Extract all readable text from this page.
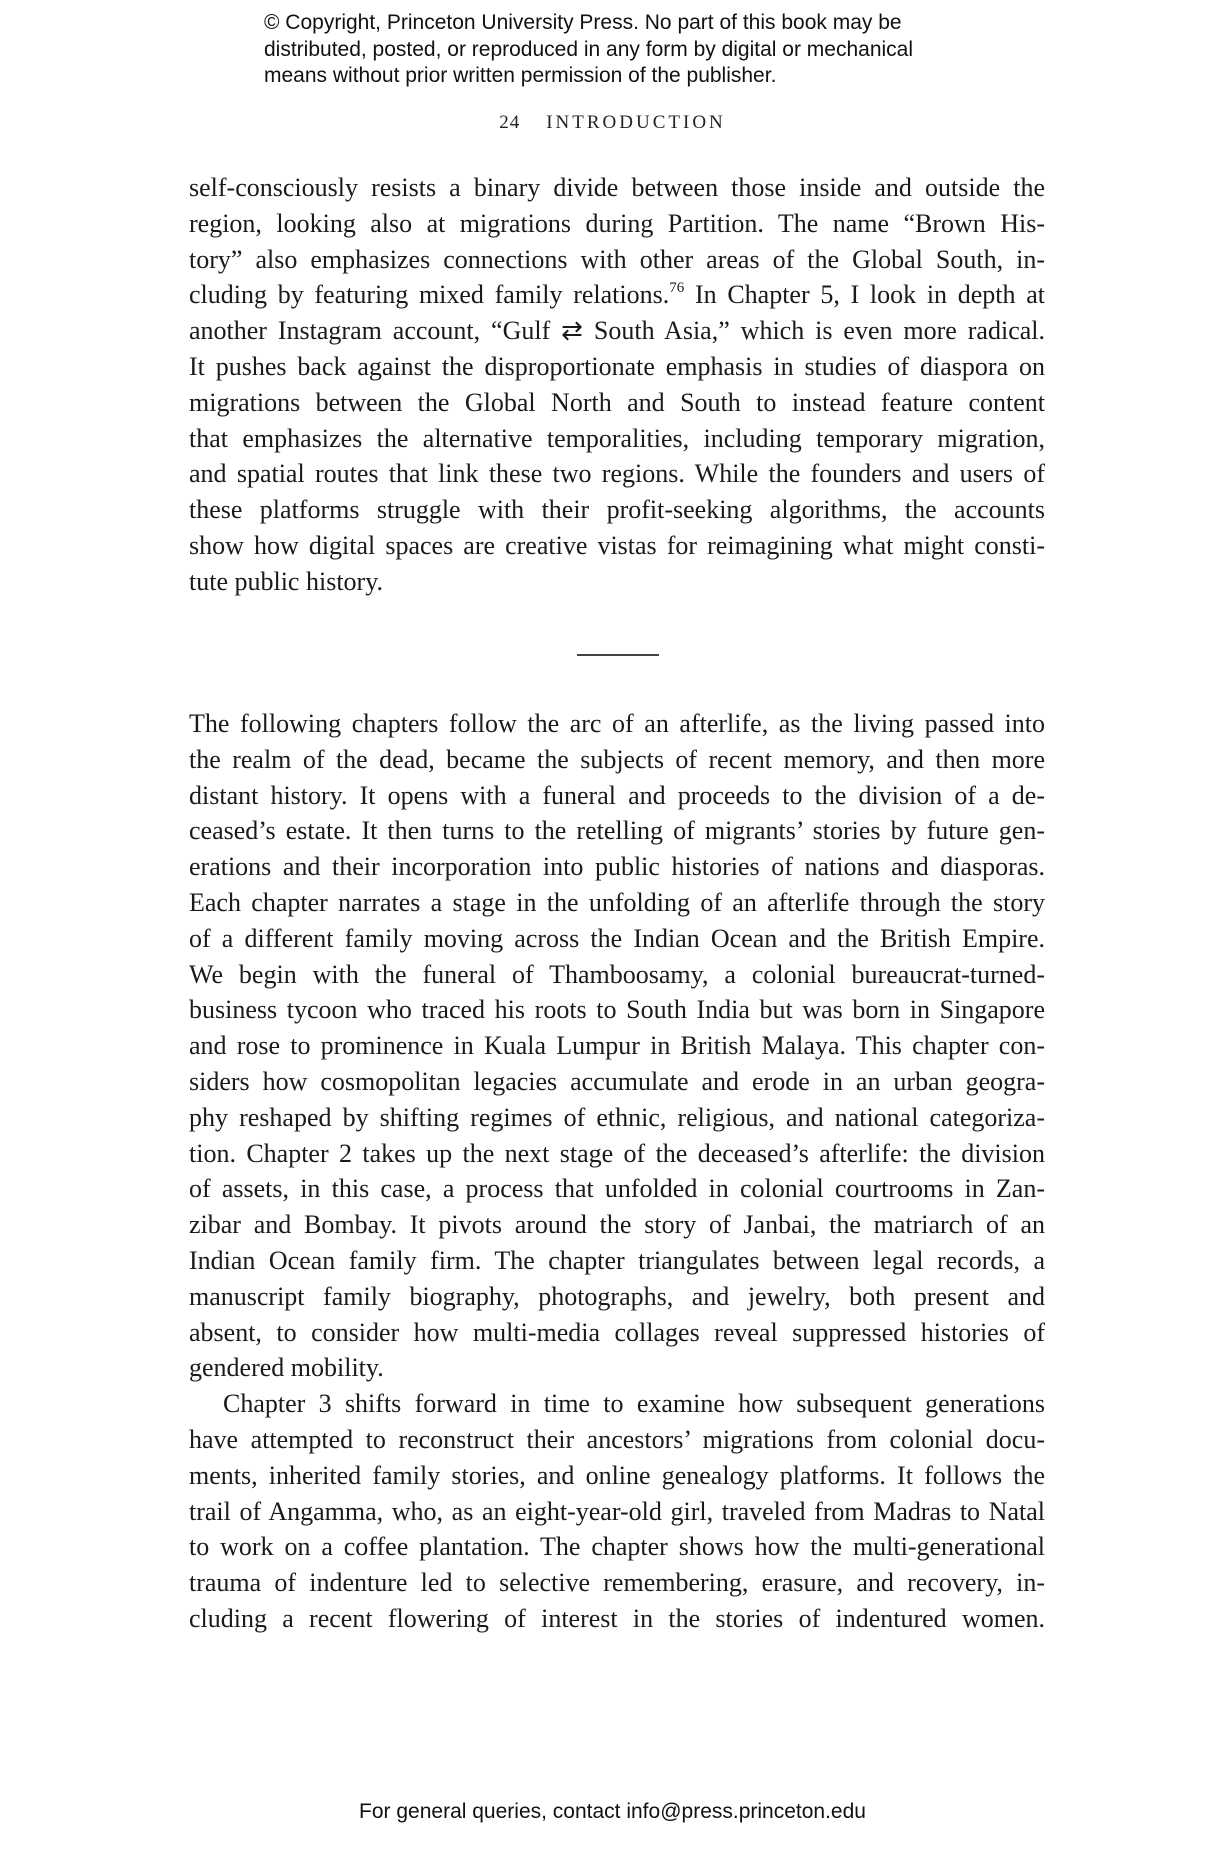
© Copyright, Princeton University Press. No part of this book may be
distributed, posted, or reproduced in any form by digital or mechanical
means without prior written permission of the publisher.
24 INTRODUCTION
self-consciously resists a binary divide between those inside and outside the
region, looking also at migrations during Partition. The name “Brown His-
tory” also emphasizes connections with other areas of the Global South, in-
cluding by featuring mixed family relations.$^{76}$ In Chapter 5, I look in depth at
another Instagram account, “Gulf ⇄ South Asia,” which is even more radical.
It pushes back against the disproportionate emphasis in studies of diaspora on
migrations between the Global North and South to instead feature content
that emphasizes the alternative temporalities, including temporary migration,
and spatial routes that link these two regions. While the founders and users of
these platforms struggle with their profit-seeking algorithms, the accounts
show how digital spaces are creative vistas for reimagining what might consti-
tute public history.
The following chapters follow the arc of an afterlife, as the living passed into
the realm of the dead, became the subjects of recent memory, and then more
distant history. It opens with a funeral and proceeds to the division of a de-
ceased’s estate. It then turns to the retelling of migrants’ stories by future gen-
erations and their incorporation into public histories of nations and diasporas.
Each chapter narrates a stage in the unfolding of an afterlife through the story
of a different family moving across the Indian Ocean and the British Empire.
We begin with the funeral of Thamboosamy, a colonial bureaucrat-turned-
business tycoon who traced his roots to South India but was born in Singapore
and rose to prominence in Kuala Lumpur in British Malaya. This chapter con-
siders how cosmopolitan legacies accumulate and erode in an urban geogra-
phy reshaped by shifting regimes of ethnic, religious, and national categoriza-
tion. Chapter 2 takes up the next stage of the deceased’s afterlife: the division
of assets, in this case, a process that unfolded in colonial courtrooms in Zan-
zibar and Bombay. It pivots around the story of Janbai, the matriarch of an
Indian Ocean family firm. The chapter triangulates between legal records, a
manuscript family biography, photographs, and jewelry, both present and
absent, to consider how multi-media collages reveal suppressed histories of
gendered mobility.
Chapter 3 shifts forward in time to examine how subsequent generations
have attempted to reconstruct their ancestors’ migrations from colonial docu-
ments, inherited family stories, and online genealogy platforms. It follows the
trail of Angamma, who, as an eight-year-old girl, traveled from Madras to Natal
to work on a coffee plantation. The chapter shows how the multi-generational
trauma of indenture led to selective remembering, erasure, and recovery, in-
cluding a recent flowering of interest in the stories of indentured women.
For general queries, contact info@press.princeton.edu
